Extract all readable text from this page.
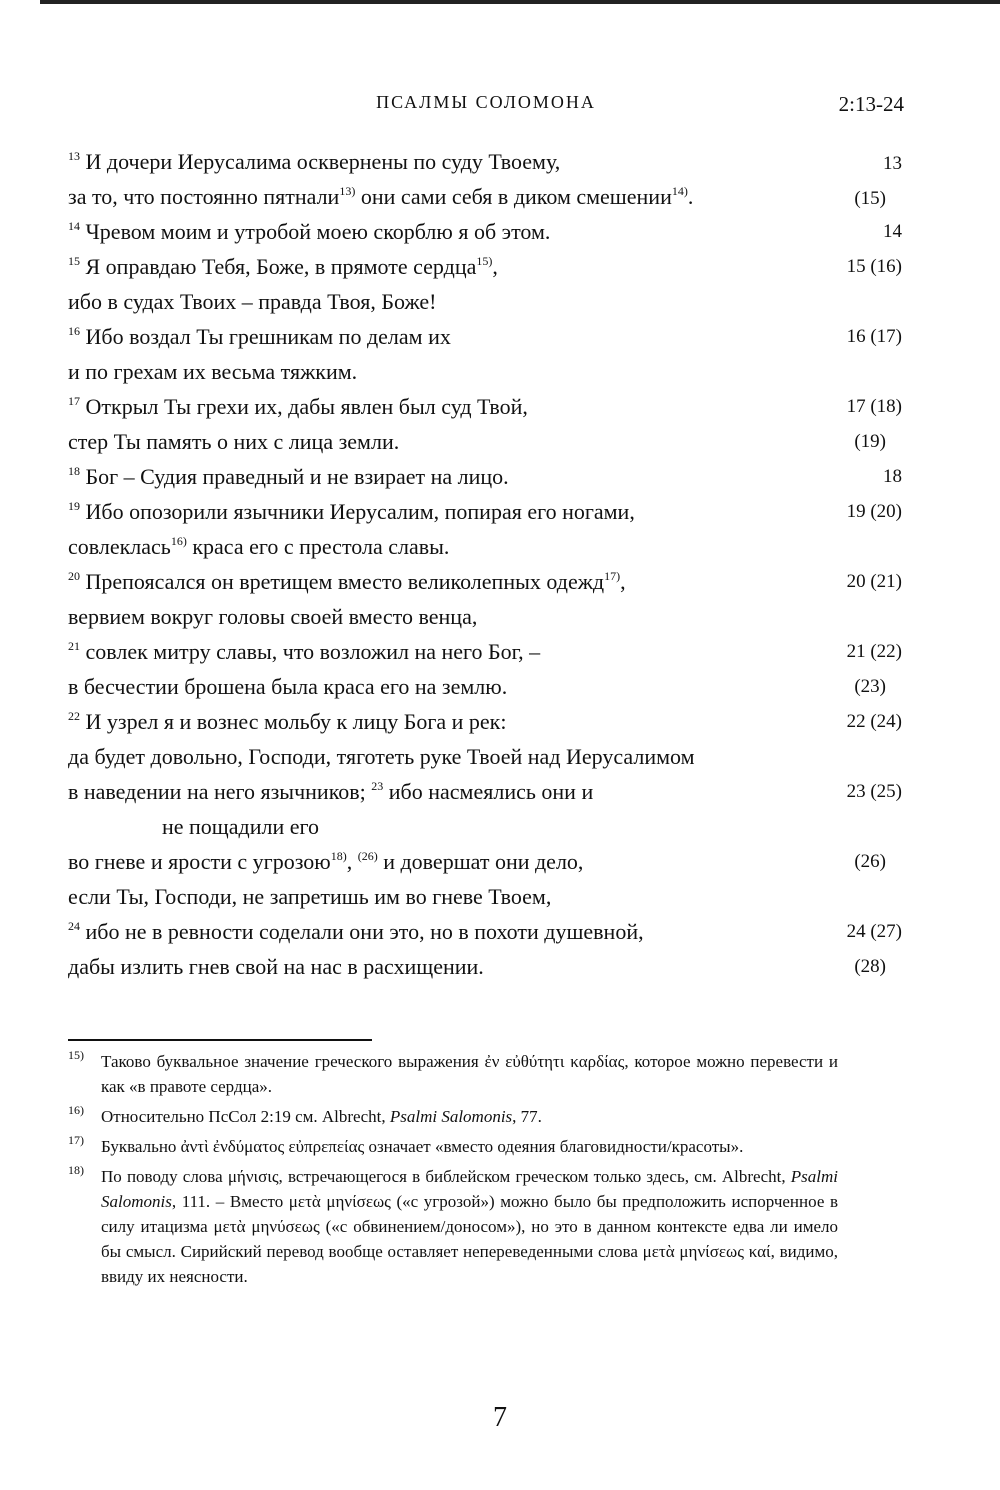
ПСАЛМЫ СОЛОМОНА	2:13-24
$^{13}$ И дочери Иерусалима осквернены по суду Твоему,	13
за то, что постоянно пятнали$^{13)}$ они сами себя в диком смешении$^{14)}$.	(15)
$^{14}$ Чревом моим и утробой моею скорблю я об этом.	14
$^{15}$ Я оправдаю Тебя, Боже, в прямоте сердца$^{15)}$,	15 (16)
ибо в судах Твоих – правда Твоя, Боже!
$^{16}$ Ибо воздал Ты грешникам по делам их	16 (17)
и по грехам их весьма тяжким.
$^{17}$ Открыл Ты грехи их, дабы явлен был суд Твой,	17 (18)
стер Ты память о них с лица земли.	(19)
$^{18}$ Бог – Судия праведный и не взирает на лицо.	18
$^{19}$ Ибо опозорили язычники Иерусалим, попирая его ногами,	19 (20)
совлеклась$^{16)}$ краса его с престола славы.
$^{20}$ Препоясался он вретищем вместо великолепных одежд$^{17)}$,	20 (21)
вервием вокруг головы своей вместо венца,
$^{21}$ совлек митру славы, что возложил на него Бог, –	21 (22)
в бесчестии брошена была краса его на землю.	(23)
$^{22}$ И узрел я и вознес мольбу к лицу Бога и рек:	22 (24)
да будет довольно, Господи, тяготеть руке Твоей над Иерусалимом
в наведении на него язычников; $^{23}$ ибо насмеялись они и	23 (25)
не пощадили его
во гневе и ярости с угрозою$^{18)}$, $^{(26)}$ и довершат они дело,	(26)
если Ты, Господи, не запретишь им во гневе Твоем,
$^{24}$ ибо не в ревности соделали они это, но в похоти душевной,	24 (27)
дабы излить гнев свой на нас в расхищении.	(28)
15) Таково буквальное значение греческого выражения ἐν εὐθύτητι καρδίας, которое можно перевести и как «в правоте сердца».
16) Относительно ПсСол 2:19 см. Albrecht, Psalmi Salomonis, 77.
17) Буквально ἀντὶ ἐνδύματος εὐπρεπείας означает «вместо одеяния благовидности/красоты».
18) По поводу слова μήνισις, встречающегося в библейском греческом только здесь, см. Albrecht, Psalmi Salomonis, 111. – Вместо μετὰ μηνίσεως («с угрозой») можно было бы предположить испорченное в силу итацизма μετὰ μηνύσεως («с обвинением/доносом»), но это в данном контексте едва ли имело бы смысл. Сирийский перевод вообще оставляет непереведенными слова μετὰ μηνίσεως καί, видимо, ввиду их неясности.
7
